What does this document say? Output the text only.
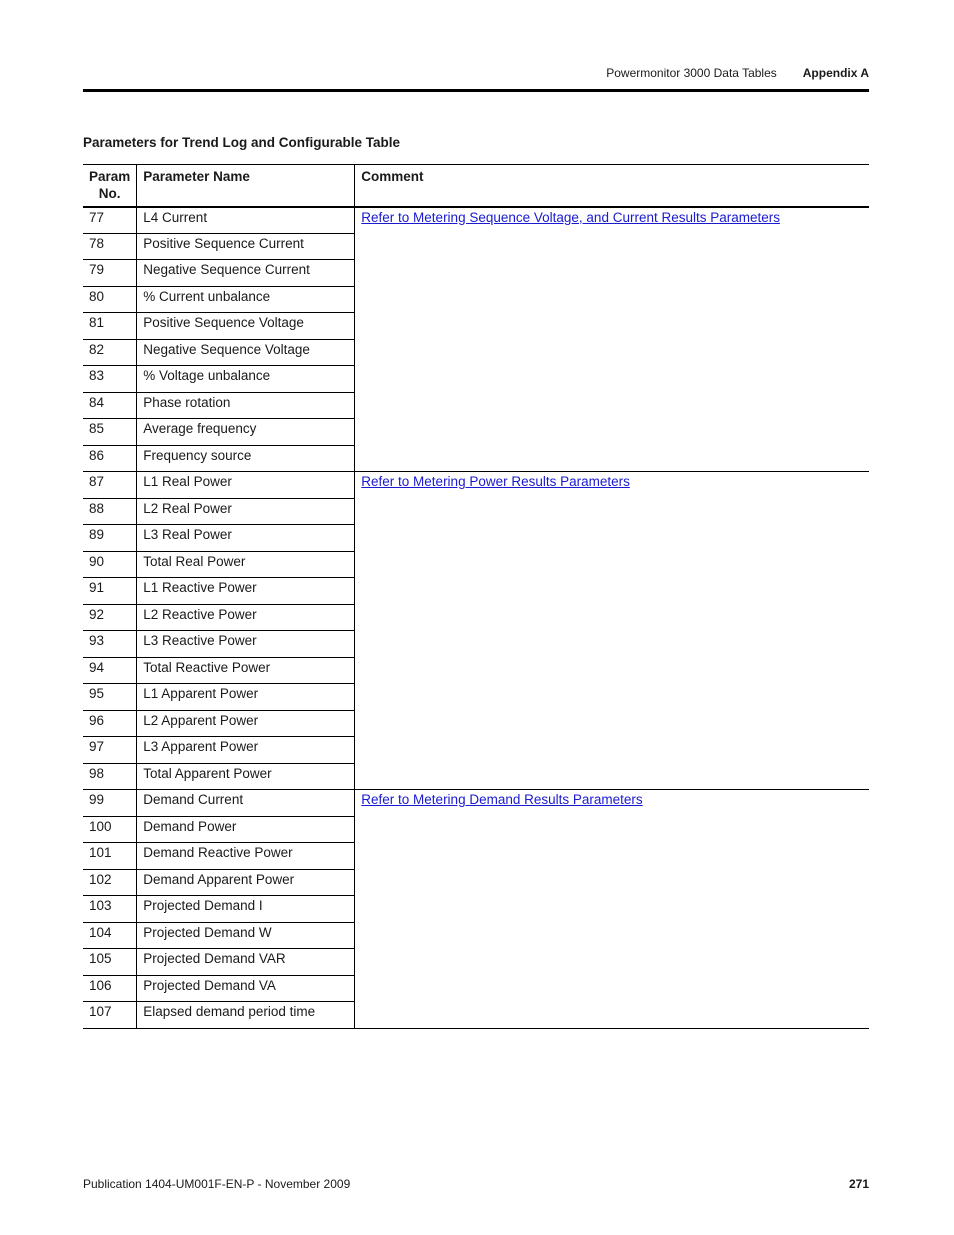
Powermonitor 3000 Data Tables Appendix A
Parameters for Trend Log and Configurable Table
Param
No.	Parameter Name	Comment
77	L4 Current	Refer to Metering Sequence Voltage, and Current Results Parameters
78	Positive Sequence Current	
79	Negative Sequence Current	
80	% Current unbalance	
81	Positive Sequence Voltage	
82	Negative Sequence Voltage	
83	% Voltage unbalance	
84	Phase rotation	
85	Average frequency	
86	Frequency source	
87	L1 Real Power	Refer to Metering Power Results Parameters
88	L2 Real Power	
89	L3 Real Power	
90	Total Real Power	
91	L1 Reactive Power	
92	L2 Reactive Power	
93	L3 Reactive Power	
94	Total Reactive Power	
95	L1 Apparent Power	
96	L2 Apparent Power	
97	L3 Apparent Power	
98	Total Apparent Power	
99	Demand Current	Refer to Metering Demand Results Parameters
100	Demand Power	
101	Demand Reactive Power	
102	Demand Apparent Power	
103	Projected Demand I	
104	Projected Demand W	
105	Projected Demand VAR	
106	Projected Demand VA	
107	Elapsed demand period time	
Publication 1404-UM001F-EN-P - November 2009	271
